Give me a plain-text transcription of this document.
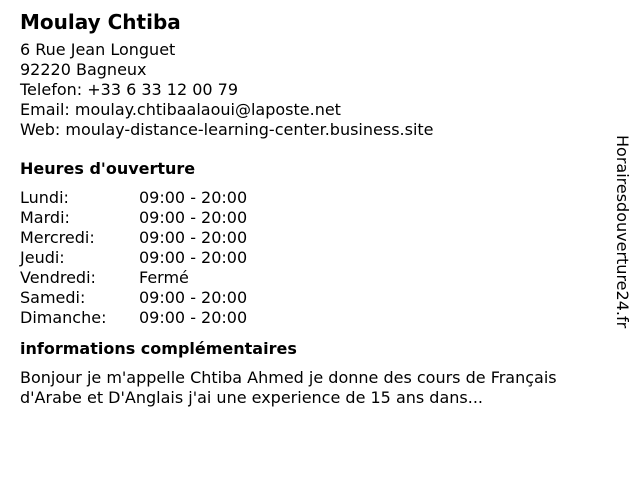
Moulay Chtiba
6 Rue Jean Longuet
92220 Bagneux
Telefon: +33 6 33 12 00 79
Email: moulay.chtibaalaoui@laposte.net
Web: moulay-distance-learning-center.business.site
Heures d'ouverture
Lundi:	09:00 - 20:00
Mardi:	09:00 - 20:00
Mercredi:	09:00 - 20:00
Jeudi:	09:00 - 20:00
Vendredi:	Fermé
Samedi:	09:00 - 20:00
Dimanche:	09:00 - 20:00
informations complémentaires
Bonjour je m'appelle Chtiba Ahmed je donne des cours de Français d'Arabe et D'Anglais j'ai une experience de 15 ans dans...
Horairesdouverture24.fr
